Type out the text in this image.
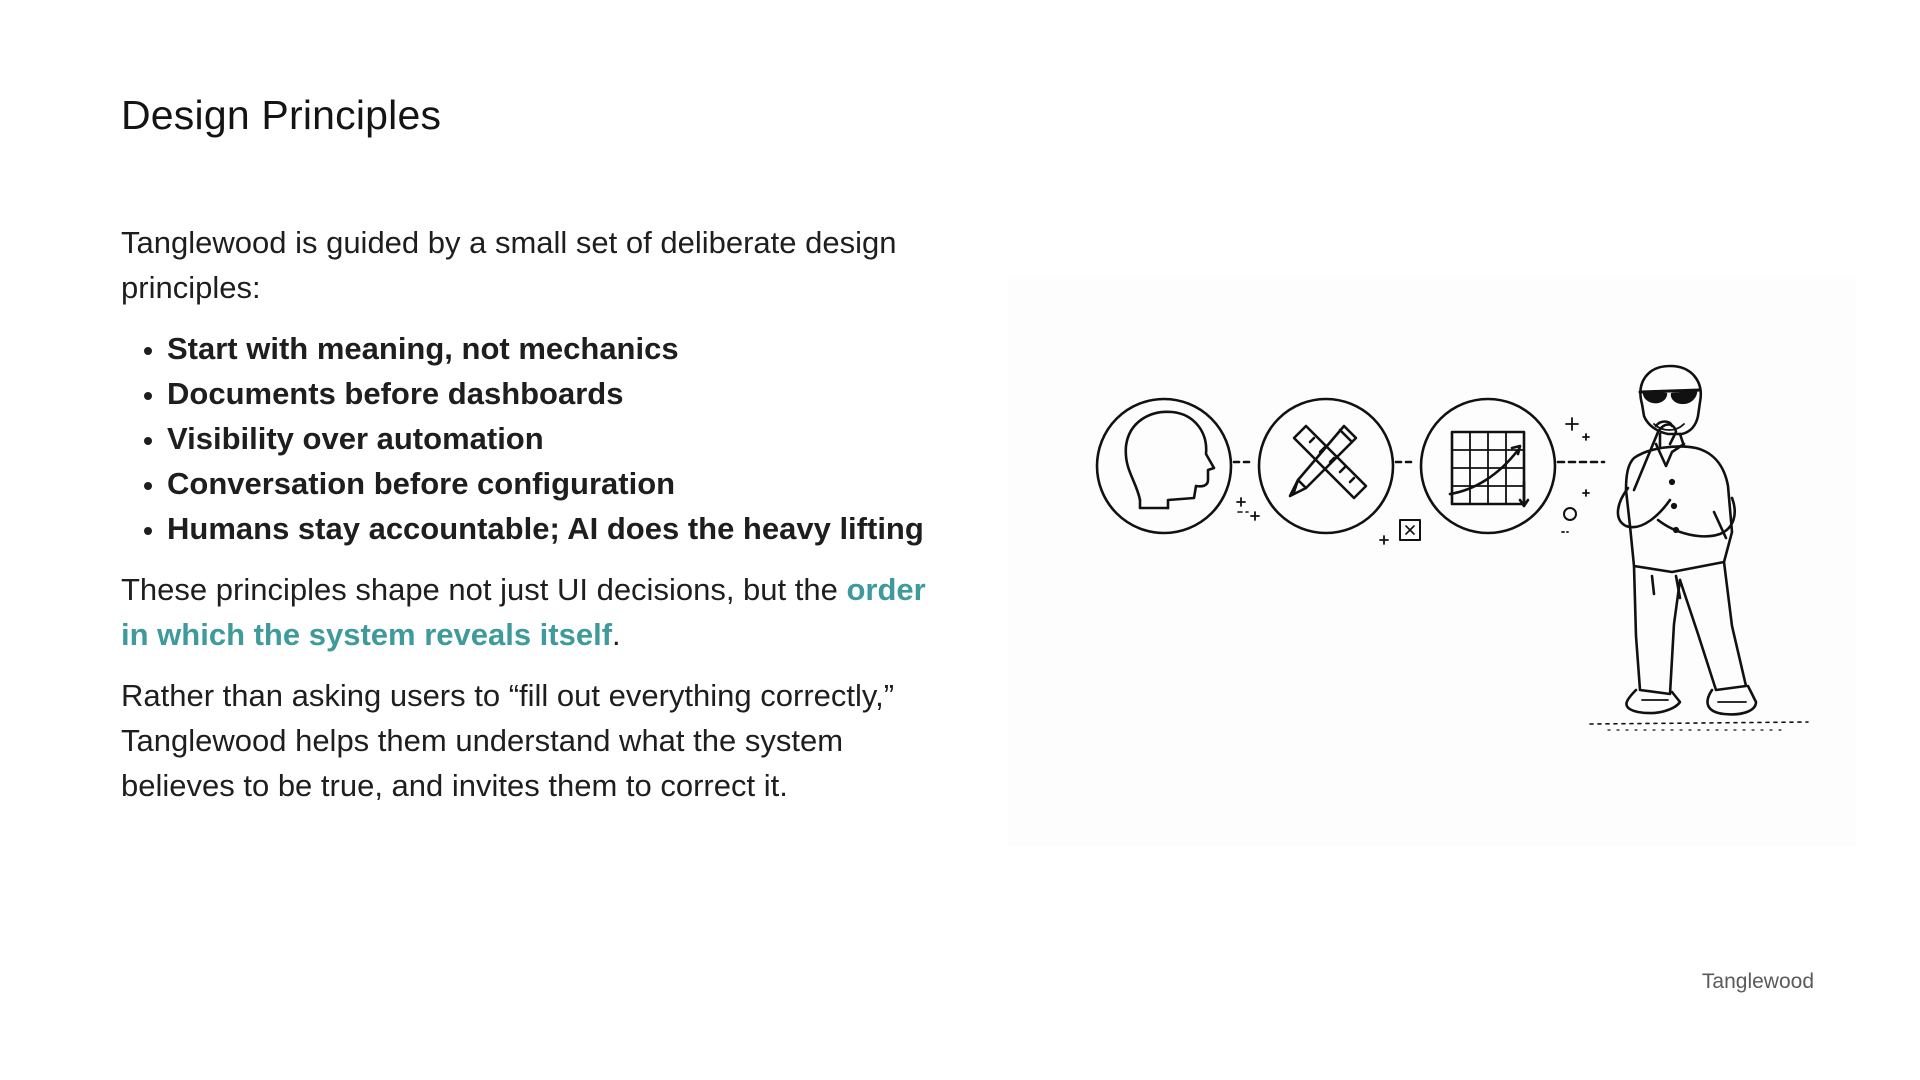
Design Principles

Tanglewood is guided by a small set of deliberate design principles:

• Start with meaning, not mechanics
• Documents before dashboards
• Visibility over automation
• Conversation before configuration
• Humans stay accountable; AI does the heavy lifting

These principles shape not just UI decisions, but the order in which the system reveals itself.

Rather than asking users to “fill out everything correctly,” Tanglewood helps them understand what the system believes to be true, and invites them to correct it.

Tanglewood
